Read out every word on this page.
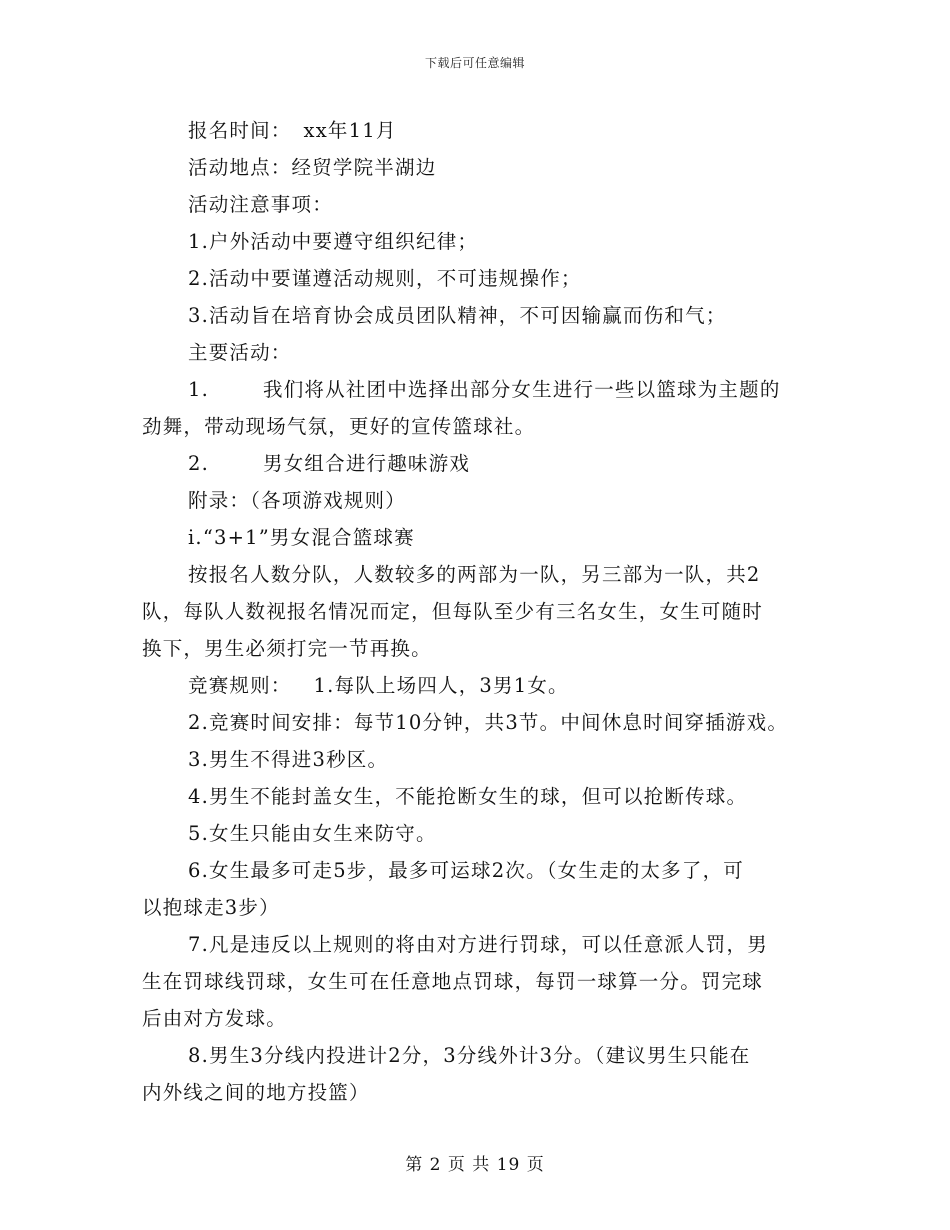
下载后可任意编辑
报名时间： xx年11月
活动地点：经贸学院半湖边
活动注意事项：
1.户外活动中要遵守组织纪律；
2.活动中要谨遵活动规则，不可违规操作；
3.活动旨在培育协会成员团队精神，不可因输赢而伤和气；
主要活动：
1.	我们将从社团中选择出部分女生进行一些以篮球为主题的
劲舞，带动现场气氛，更好的宣传篮球社。
2.	男女组合进行趣味游戏
附录：（各项游戏规则）
i.“3+1”男女混合篮球赛
按报名人数分队，人数较多的两部为一队，另三部为一队，共2
队，每队人数视报名情况而定，但每队至少有三名女生，女生可随时
换下，男生必须打完一节再换。
竞赛规则： 1.每队上场四人，3男1女。
2.竞赛时间安排：每节10分钟，共3节。中间休息时间穿插游戏。
3.男生不得进3秒区。
4.男生不能封盖女生，不能抢断女生的球，但可以抢断传球。
5.女生只能由女生来防守。
6.女生最多可走5步，最多可运球2次。（女生走的太多了，可
以抱球走3步）
7.凡是违反以上规则的将由对方进行罚球，可以任意派人罚，男
生在罚球线罚球，女生可在任意地点罚球，每罚一球算一分。罚完球
后由对方发球。
8.男生3分线内投进计2分，3分线外计3分。（建议男生只能在
内外线之间的地方投篮）
第 2 页 共 19 页
